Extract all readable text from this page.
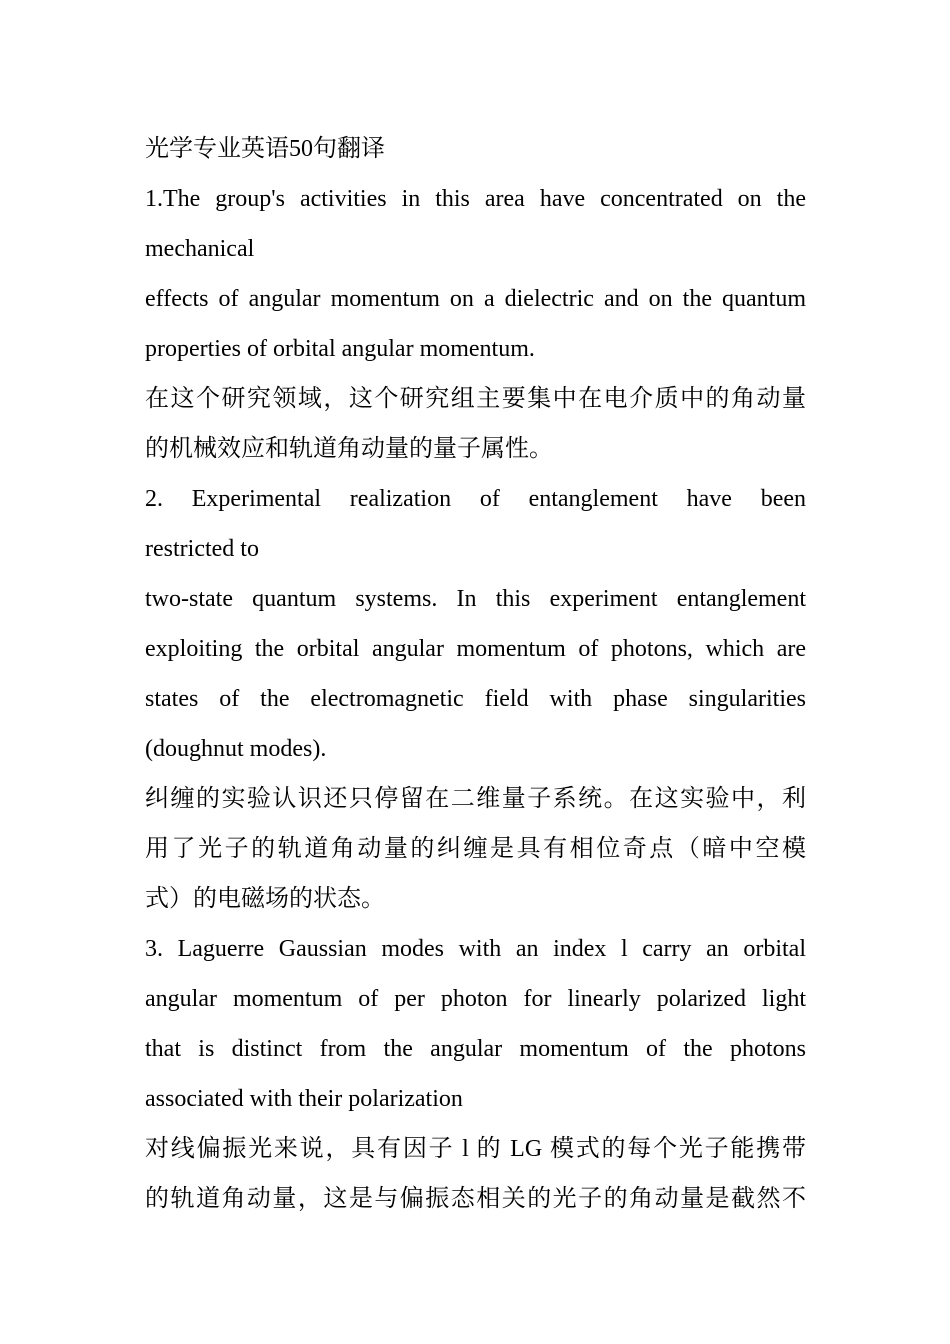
光学专业英语50句翻译
1.The group's activities in this area have concentrated on the
mechanical
effects of angular momentum on a dielectric and on the quantum
properties of orbital angular momentum.
在这个研究领域，这个研究组主要集中在电介质中的角动量
的机械效应和轨道角动量的量子属性。
2. Experimental realization of entanglement have been
restricted to
two-state quantum systems. In this experiment entanglement
exploiting the orbital angular momentum of photons, which are
states of the electromagnetic field with phase singularities
(doughnut modes).
纠缠的实验认识还只停留在二维量子系统。在这实验中，利
用了光子的轨道角动量的纠缠是具有相位奇点（暗中空模
式）的电磁场的状态。
3. Laguerre Gaussian modes with an index l carry an orbital
angular momentum of per photon for linearly polarized light
that is distinct from the angular momentum of the photons
associated with their polarization
对线偏振光来说，具有因子 l 的 LG 模式的每个光子能携带
的轨道角动量，这是与偏振态相关的光子的角动量是截然不
